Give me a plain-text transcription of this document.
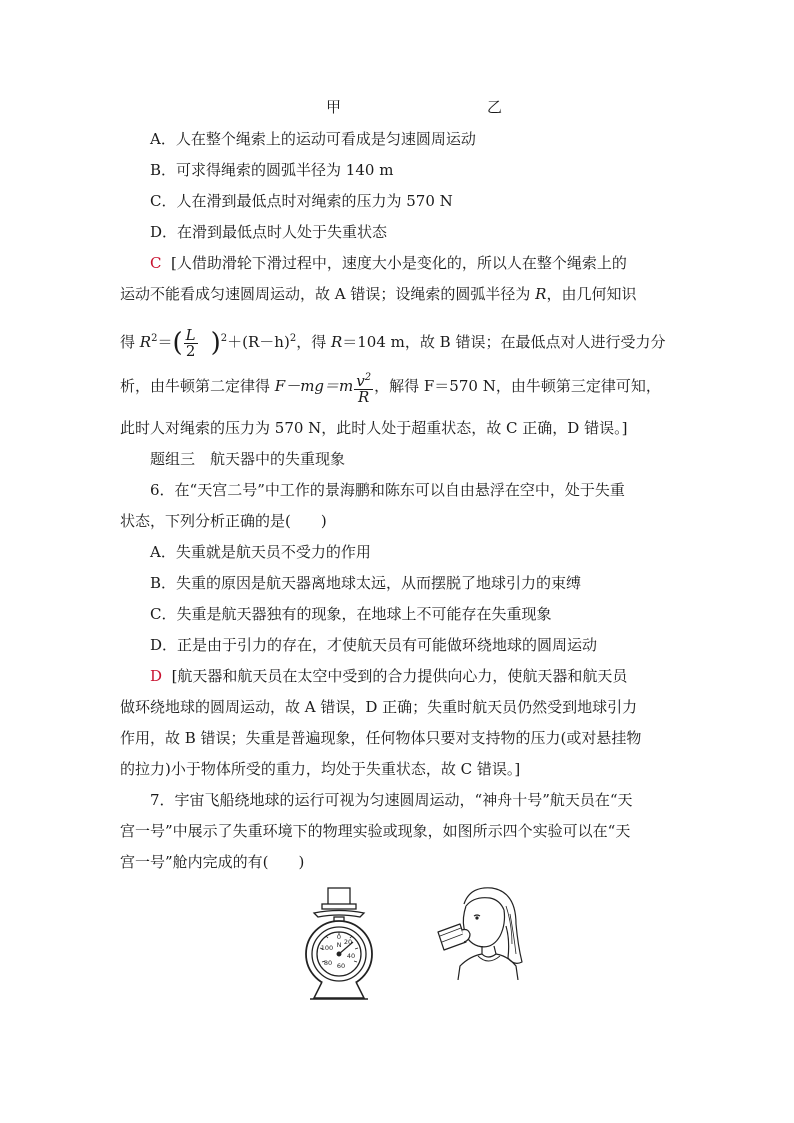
甲	乙
A．人在整个绳索上的运动可看成是匀速圆周运动
B．可求得绳索的圆弧半径为 140 m
C．人在滑到最低点时对绳索的压力为 570 N
D．在滑到最低点时人处于失重状态
C [人借助滑轮下滑过程中，速度大小是变化的，所以人在整个绳索上的
运动不能看成匀速圆周运动，故 A 错误；设绳索的圆弧半径为 R，由几何知识
得 $R^2=( \frac{L}{2} )^2+(R-h)^2$，得 R＝104 m，故 B 错误；在最低点对人进行受力分
析，由牛顿第二定律得 $F-mg=m \frac{v^2}{R}$ ，解得 F＝570 N，由牛顿第三定律可知，
此时人对绳索的压力为 570 N，此时人处于超重状态，故 C 正确，D 错误。]
题组三　航天器中的失重现象
6．在“天宫二号”中工作的景海鹏和陈东可以自由悬浮在空中，处于失重
状态，下列分析正确的是(　　)
A．失重就是航天员不受力的作用
B．失重的原因是航天器离地球太远，从而摆脱了地球引力的束缚
C．失重是航天器独有的现象，在地球上不可能存在失重现象
D．正是由于引力的存在，才使航天员有可能做环绕地球的圆周运动
D [航天器和航天员在太空中受到的合力提供向心力，使航天器和航天员
做环绕地球的圆周运动，故 A 错误，D 正确；失重时航天员仍然受到地球引力
作用，故 B 错误；失重是普遍现象，任何物体只要对支持物的压力(或对悬挂物
的拉力)小于物体所受的重力，均处于失重状态，故 C 错误。]
7．宇宙飞船绕地球的运行可视为匀速圆周运动，“神舟十号”航天员在“天
宫一号”中展示了失重环境下的物理实验或现象，如图所示四个实验可以在“天
宫一号”舱内完成的有(　　)
0
N 20
40
60
80
100
